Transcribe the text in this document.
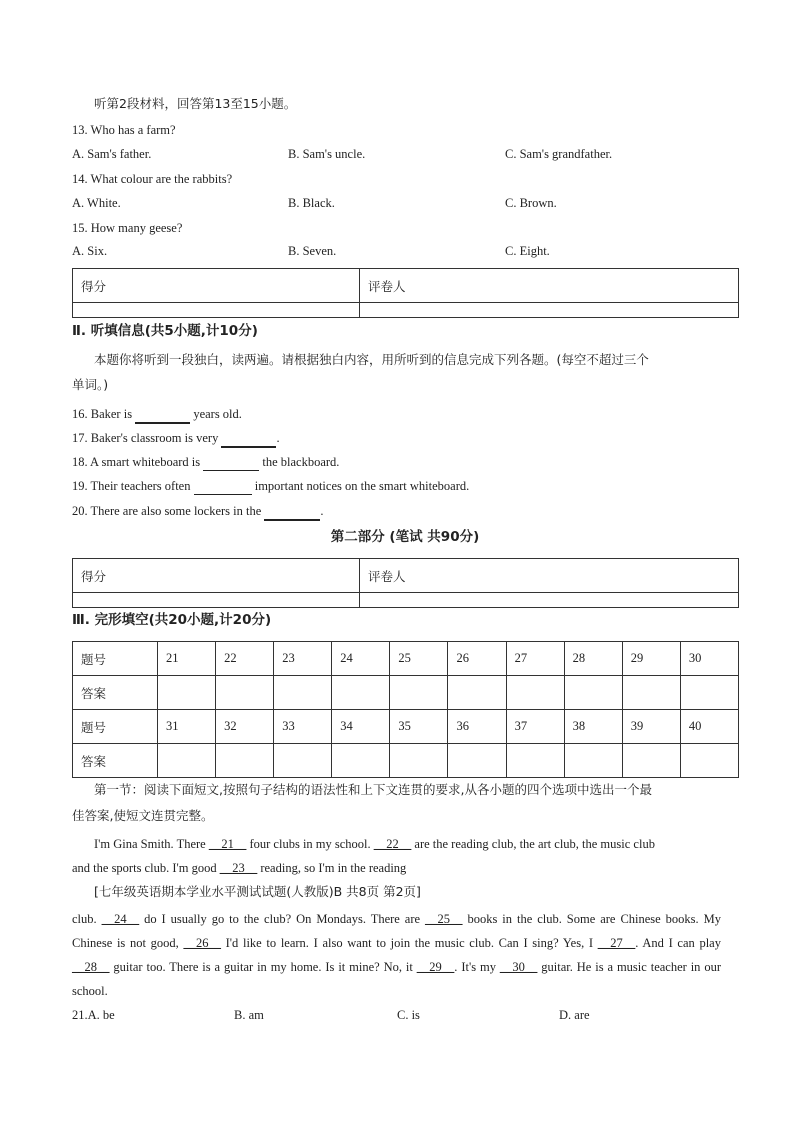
听第2段材料，回答第13至15小题。
13. Who has a farm?
A. Sam's father.	B. Sam's uncle.	C. Sam's grandfather.
14. What colour are the rabbits?
A. White.	B. Black.	C. Brown.
15. How many geese?
A. Six.	B. Seven.	C. Eight.
得分	评卷人

Ⅱ. 听填信息(共5小题,计10分)
本题你将听到一段独白，读两遍。请根据独白内容，用所听到的信息完成下列各题。(每空不超过三个
单词。)
16. Baker is	years old.
17. Baker's classroom is very	.
18. A smart whiteboard is	the blackboard.
19. Their teachers often	important notices on the smart whiteboard.
20. There are also some lockers in the	.
第二部分 (笔试 共90分)
得分	评卷人

Ⅲ. 完形填空(共20小题,计20分)
题号	21	22	23	24	25	26	27	28	29	30
答案										
题号	31	32	33	34	35	36	37	38	39	40
答案										
第一节：阅读下面短文,按照句子结构的语法性和上下文连贯的要求,从各小题的四个选项中选出一个最
佳答案,使短文连贯完整。
I'm Gina Smith. There __21__ four clubs in my school. __22__ are the reading club, the art club, the music club
and the sports club. I'm good __23__ reading, so I'm in the reading
[七年级英语期本学业水平测试试题(人教版)B 共8页 第2页]
club. __24__ do I usually go to the club? On Mondays. There are __25__ books in the club. Some are Chinese books. My Chinese is not good, __26__ I'd like to learn. I also want to join the music club. Can I sing? Yes, I __27__. And I can play __28__ guitar too. There is a guitar in my home. Is it mine? No, it __29__. It's my __30__ guitar. He is a music teacher in our school.
21.A. be	B. am	C. is	D. are
